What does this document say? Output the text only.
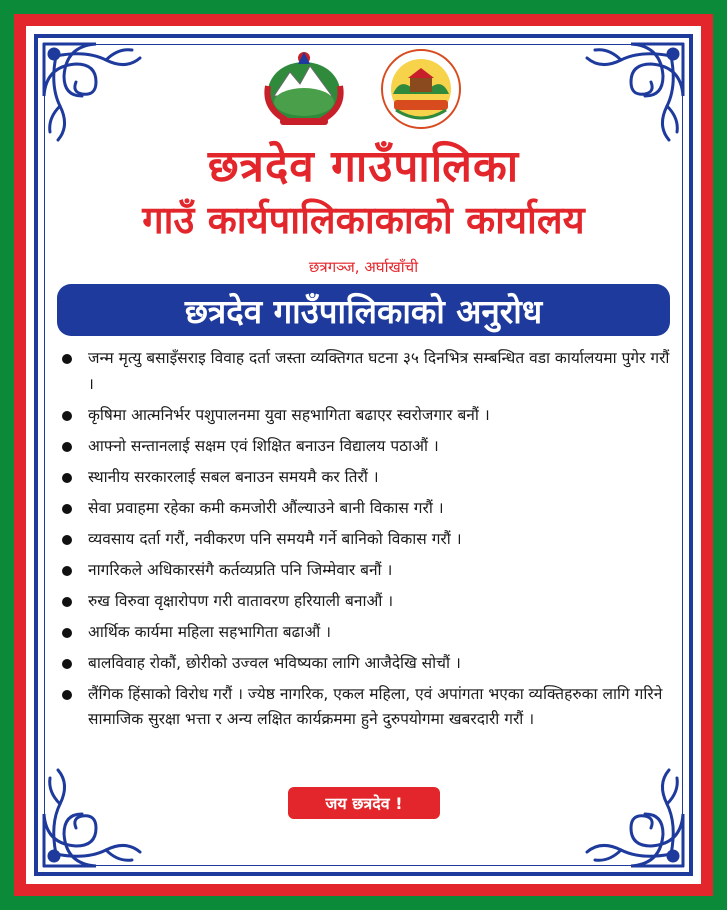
छत्रदेव गाउँपालिका
गाउँ कार्यपालिकाकाको कार्यालय
छत्रगञ्ज, अर्घाखाँची
छत्रदेव गाउँपालिकाको अनुरोध
जन्म मृत्यु बसाइँसराइ विवाह दर्ता जस्ता व्यक्तिगत घटना ३५ दिनभित्र सम्बन्धित वडा कार्यालयमा पुगेर गरौं ।
कृषिमा आत्मनिर्भर पशुपालनमा युवा सहभागिता बढाएर स्वरोजगार बनौं ।
आफ्नो सन्तानलाई सक्षम एवं शिक्षित बनाउन विद्यालय पठाऔं ।
स्थानीय सरकारलाई सबल बनाउन समयमै कर तिरौं ।
सेवा प्रवाहमा रहेका कमी कमजोरी औंल्याउने बानी विकास गरौं ।
व्यवसाय दर्ता गरौं, नवीकरण पनि समयमै गर्ने बानिको विकास गरौं ।
नागरिकले अधिकारसंगै कर्तव्यप्रति पनि जिम्मेवार बनौं ।
रुख विरुवा वृक्षारोपण गरी वातावरण हरियाली बनाऔं ।
आर्थिक कार्यमा महिला सहभागिता बढाऔं ।
बालविवाह रोकौं, छोरीको उज्वल भविष्यका लागि आजैदेखि सोचौं ।
लैंगिक हिंसाको विरोध गरौं । ज्येष्ठ नागरिक, एकल महिला, एवं अपांगता भएका व्यक्तिहरुका लागि गरिने सामाजिक सुरक्षा भत्ता र अन्य लक्षित कार्यक्रममा हुने दुरुपयोगमा खबरदारी गरौं ।
जय छत्रदेव !
